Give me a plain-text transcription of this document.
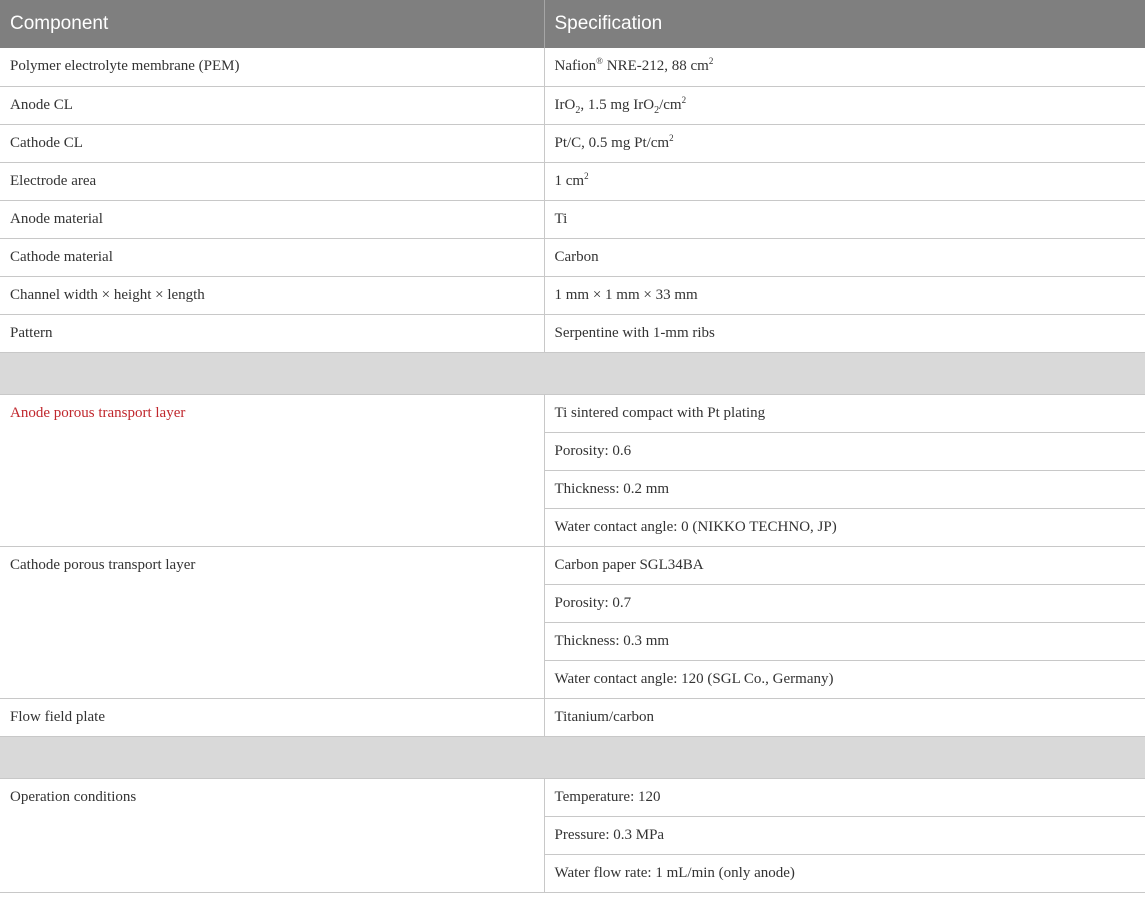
Component	Specification
Polymer electrolyte membrane (PEM)	Nafion® NRE-212, 88 $cm^2$
Anode CL	IrO$_2$, 1.5 mg $IrO_2/cm^2$
Cathode CL	Pt/C, 0.5 mg $Pt/cm^2$
Electrode area	1 $cm^2$
Anode material	Ti
Cathode material	Carbon
Channel width × height × length	1 mm × 1 mm × 33 mm
Pattern	Serpentine with 1-mm ribs

Anode porous transport layer	Ti sintered compact with Pt plating
	Porosity: 0.6
	Thickness: 0.2 mm
	Water contact angle: 0 (NIKKO TECHNO, JP)
Cathode porous transport layer	Carbon paper SGL34BA
	Porosity: 0.7
	Thickness: 0.3 mm
	Water contact angle: 120 (SGL Co., Germany)
Flow field plate	Titanium/carbon

Operation conditions	Temperature: 120
	Pressure: 0.3 MPa
	Water flow rate: 1 mL/min (only anode)
